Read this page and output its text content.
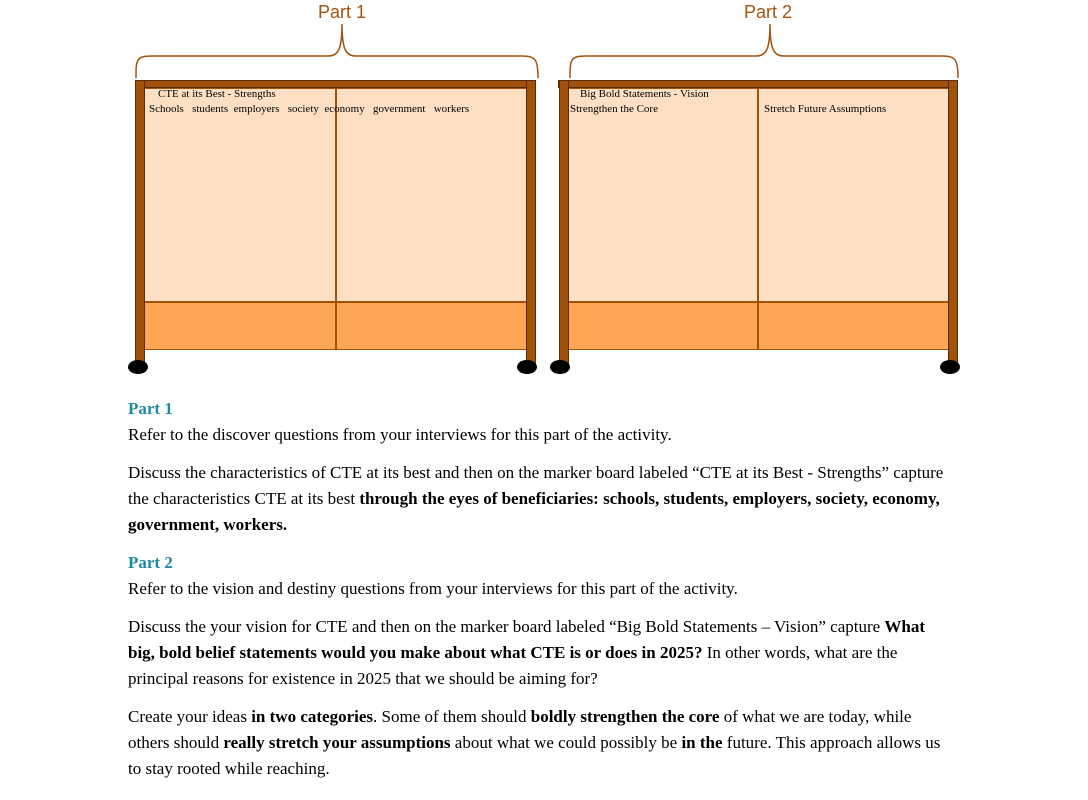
Part 1	Part 2
CTE at its Best - Strengths
Schools   students  employers   society  economy   government   workers
Big Bold Statements - Vision
Strengthen the Core	Stretch Future Assumptions
Part 1

Refer to the discover questions from your interviews for this part of the activity.

Discuss the characteristics of CTE at its best and then on the marker board labeled “CTE at its Best - Strengths” capture the characteristics CTE at its best through the eyes of beneficiaries: schools, students, employers, society, economy, government, workers.

Part 2

Refer to the vision and destiny questions from your interviews for this part of the activity.

Discuss the your vision for CTE and then on the marker board labeled “Big Bold Statements – Vision” capture What big, bold belief statements would you make about what CTE is or does in 2025? In other words, what are the principal reasons for existence in 2025 that we should be aiming for?

Create your ideas in two categories. Some of them should boldly strengthen the core of what we are today, while others should really stretch your assumptions about what we could possibly be in the future. This approach allows us to stay rooted while reaching.
